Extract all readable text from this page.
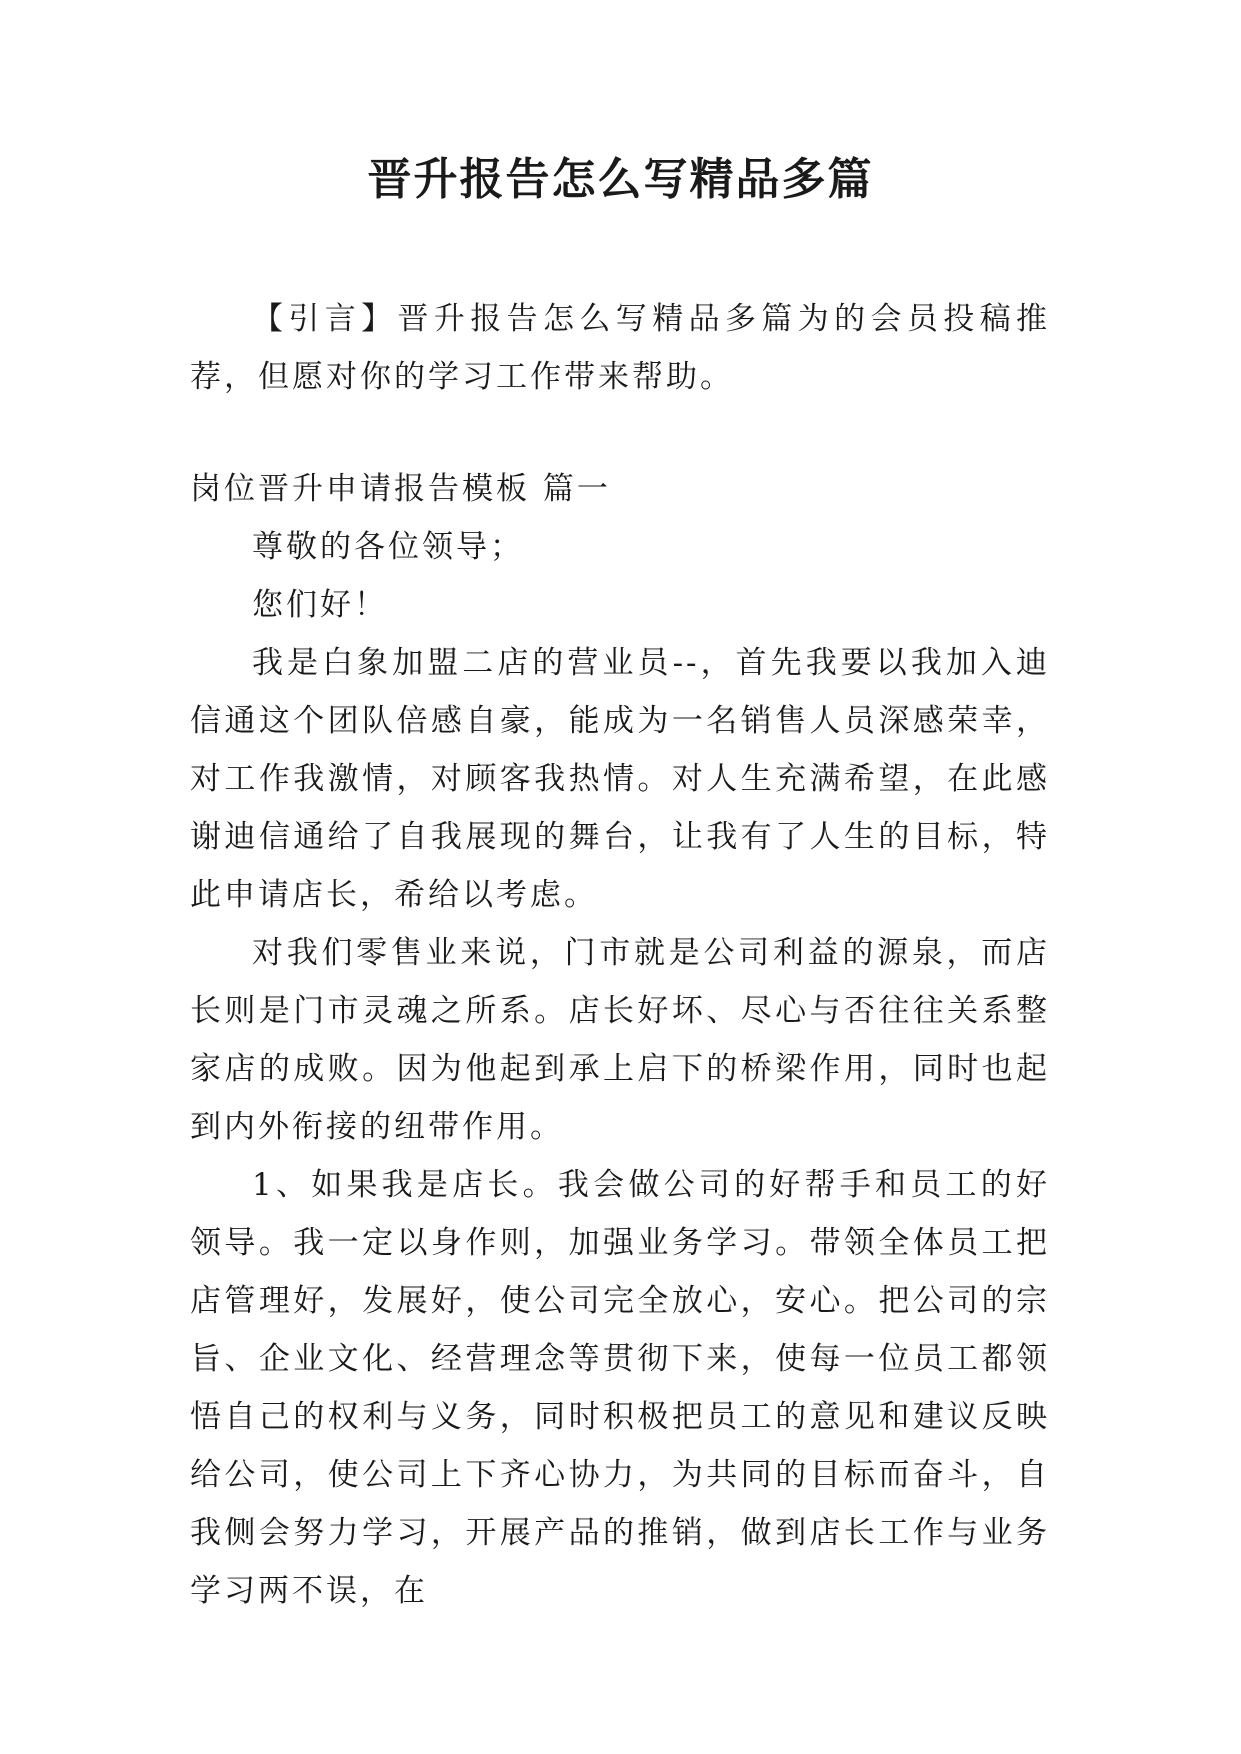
晋升报告怎么写精品多篇

【引言】晋升报告怎么写精品多篇为的会员投稿推荐，但愿对你的学习工作带来帮助。

岗位晋升申请报告模板 篇一

尊敬的各位领导；

您们好！

我是白象加盟二店的营业员--，首先我要以我加入迪信通这个团队倍感自豪，能成为一名销售人员深感荣幸，对工作我激情，对顾客我热情。对人生充满希望，在此感谢迪信通给了自我展现的舞台，让我有了人生的目标，特此申请店长，希给以考虑。

对我们零售业来说，门市就是公司利益的源泉，而店长则是门市灵魂之所系。店长好坏、尽心与否往往关系整家店的成败。因为他起到承上启下的桥梁作用，同时也起到内外衔接的纽带作用。

1、如果我是店长。我会做公司的好帮手和员工的好领导。我一定以身作则，加强业务学习。带领全体员工把店管理好，发展好，使公司完全放心，安心。把公司的宗旨、企业文化、经营理念等贯彻下来，使每一位员工都领悟自己的权利与义务，同时积极把员工的意见和建议反映给公司，使公司上下齐心协力，为共同的目标而奋斗，自我侧会努力学习，开展产品的推销，做到店长工作与业务学习两不误，在
